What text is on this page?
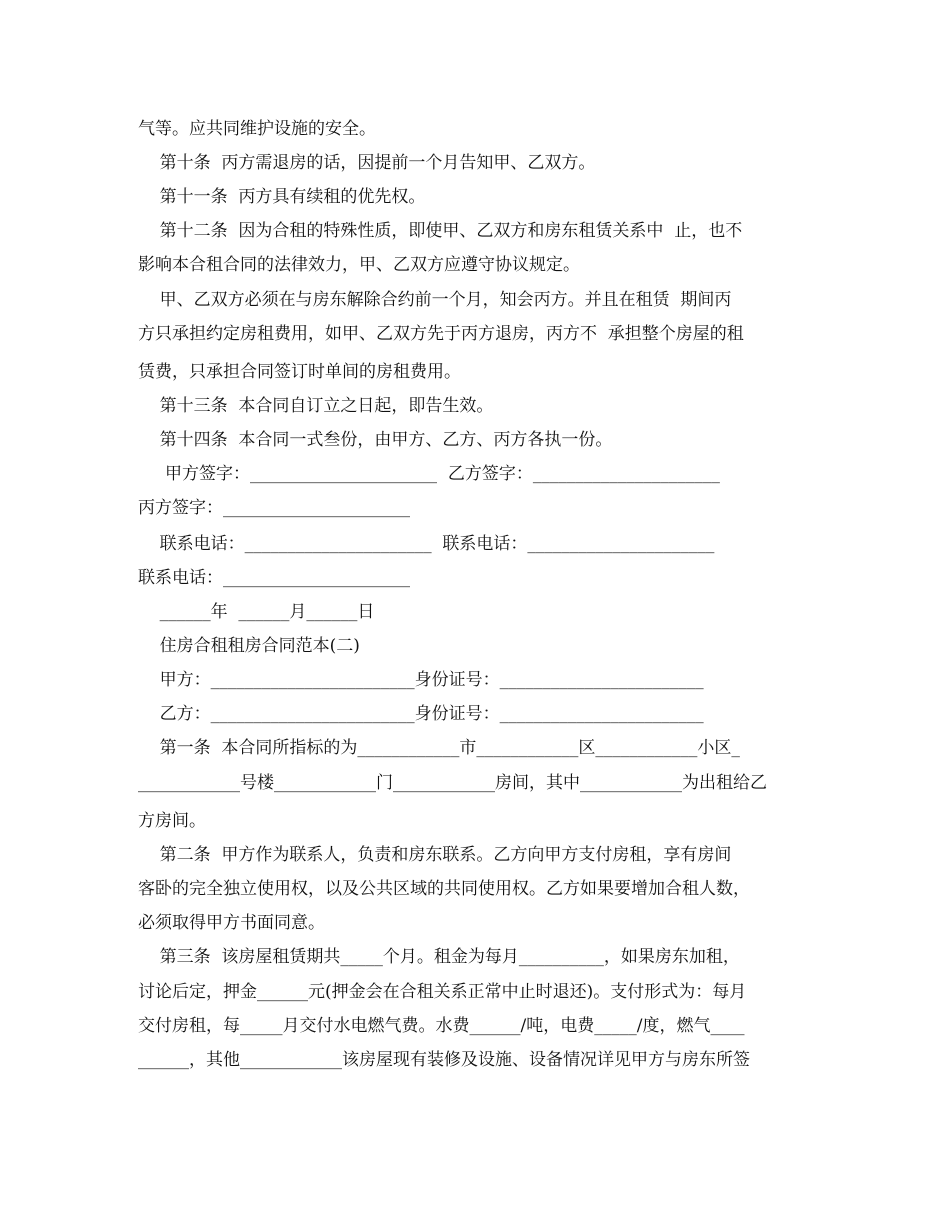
气等。应共同维护设施的安全。

第十条  丙方需退房的话，因提前一个月告知甲、乙双方。

第十一条  丙方具有续租的优先权。

第十二条  因为合租的特殊性质，即使甲、乙双方和房东租赁关系中  止，也不

影响本合租合同的法律效力，甲、乙双方应遵守协议规定。

甲、乙双方必须在与房东解除合约前一个月，知会丙方。并且在租赁  期间丙

方只承担约定房租费用，如甲、乙双方先于丙方退房，丙方不  承担整个房屋的租

赁费，只承担合同签订时单间的房租费用。

第十三条  本合同自订立之日起，即告生效。

第十四条  本合同一式叁份，由甲方、乙方、丙方各执一份。

甲方签字：______________________  乙方签字：______________________

丙方签字：______________________

联系电话：______________________  联系电话：______________________

联系电话：______________________

______年  ______月______日

住房合租租房合同范本(二)

甲方：________________________身份证号：________________________

乙方：________________________身份证号：________________________

第一条  本合同所指标的为____________市____________区____________小区_

____________号楼____________门____________房间，其中____________为出租给乙

方房间。

第二条  甲方作为联系人，负责和房东联系。乙方向甲方支付房租，享有房间

客卧的完全独立使用权，以及公共区域的共同使用权。乙方如果要增加合租人数，

必须取得甲方书面同意。

第三条  该房屋租赁期共_____个月。租金为每月__________，如果房东加租，

讨论后定，押金______元(押金会在合租关系正常中止时退还)。支付形式为：每月

交付房租，每_____月交付水电燃气费。水费______/吨，电费_____/度，燃气____

______，其他____________该房屋现有装修及设施、设备情况详见甲方与房东所签
